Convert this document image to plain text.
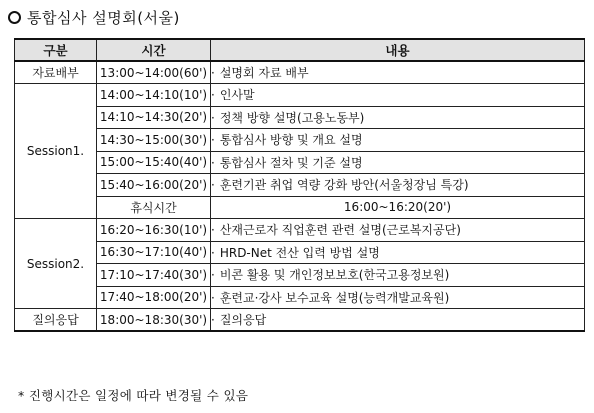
통합심사 설명회(서울)
구분	시간	내용	
자료배부	13:00~14:00(60')	· 설명회 자료 배부	
Session1.	14:00~14:10(10')	· 인사말	
	14:10~14:30(20')	· 정책 방향 설명(고용노동부)	
	14:30~15:00(30')	· 통합심사 방향 및 개요 설명	
	15:00~15:40(40')	· 통합심사 절차 및 기준 설명	
	15:40~16:00(20')	· 훈련기관 취업 역량 강화 방안(서울청장님 특강)	
	휴식시간	16:00~16:20(20')	
Session2.	16:20~16:30(10')	· 산재근로자 직업훈련 관련 설명(근로복지공단)	
	16:30~17:10(40')	· HRD-Net 전산 입력 방법 설명	
	17:10~17:40(30')	· 비콘 활용 및 개인정보보호(한국고용정보원)	
	17:40~18:00(20')	· 훈련교·강사 보수교육 설명(능력개발교육원)	
질의응답	18:00~18:30(30')	· 질의응답	
* 진행시간은 일정에 따라 변경될 수 있음
